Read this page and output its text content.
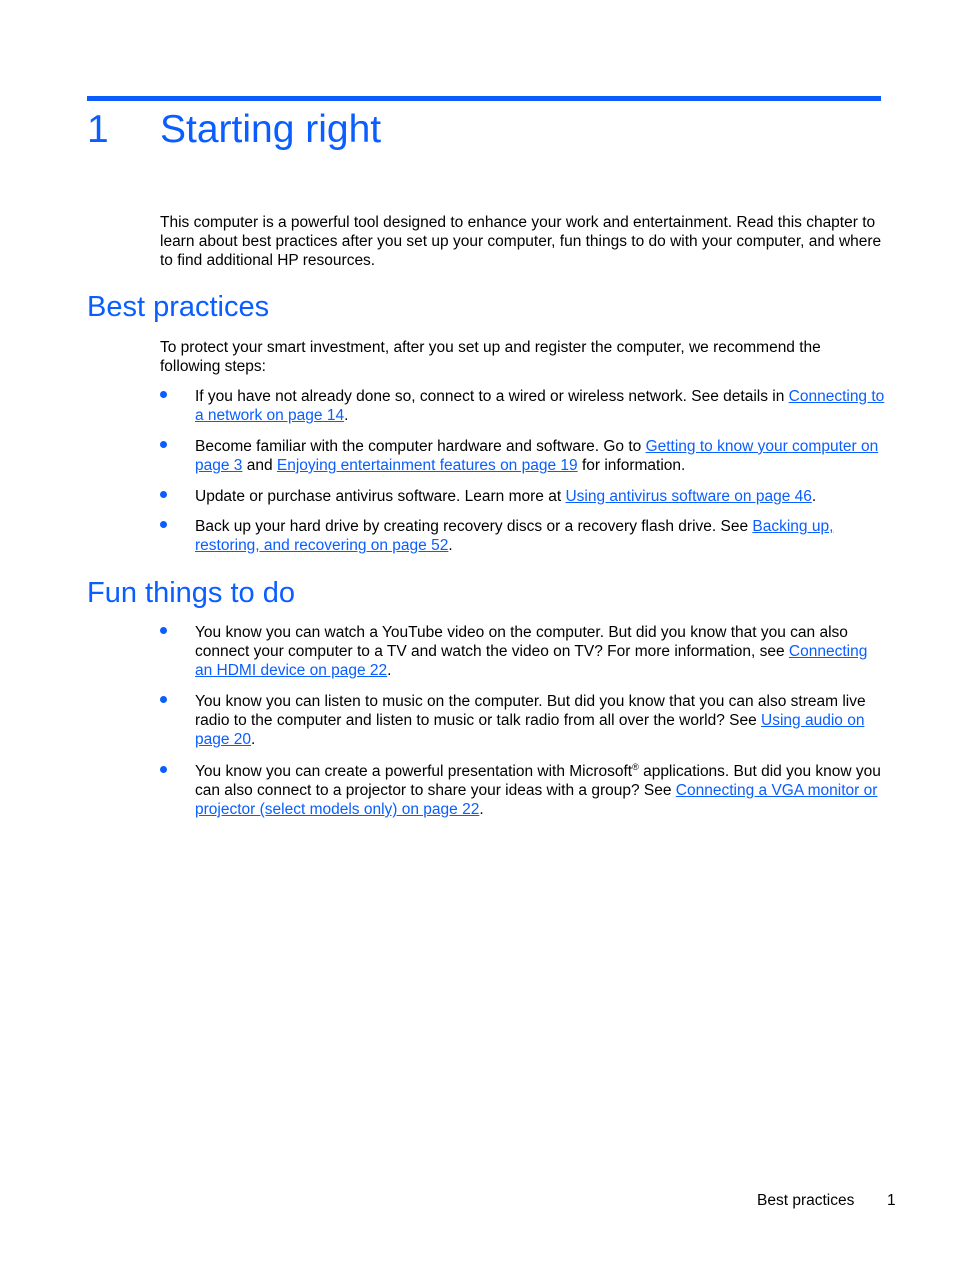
1 Starting right
This computer is a powerful tool designed to enhance your work and entertainment. Read this chapter to learn about best practices after you set up your computer, fun things to do with your computer, and where to find additional HP resources.
Best practices
To protect your smart investment, after you set up and register the computer, we recommend the following steps:
If you have not already done so, connect to a wired or wireless network. See details in Connecting to a network on page 14.
Become familiar with the computer hardware and software. Go to Getting to know your computer on page 3 and Enjoying entertainment features on page 19 for information.
Update or purchase antivirus software. Learn more at Using antivirus software on page 46.
Back up your hard drive by creating recovery discs or a recovery flash drive. See Backing up, restoring, and recovering on page 52.
Fun things to do
You know you can watch a YouTube video on the computer. But did you know that you can also connect your computer to a TV and watch the video on TV? For more information, see Connecting an HDMI device on page 22.
You know you can listen to music on the computer. But did you know that you can also stream live radio to the computer and listen to music or talk radio from all over the world? See Using audio on page 20.
You know you can create a powerful presentation with Microsoft® applications. But did you know you can also connect to a projector to share your ideas with a group? See Connecting a VGA monitor or projector (select models only) on page 22.
Best practices 1
